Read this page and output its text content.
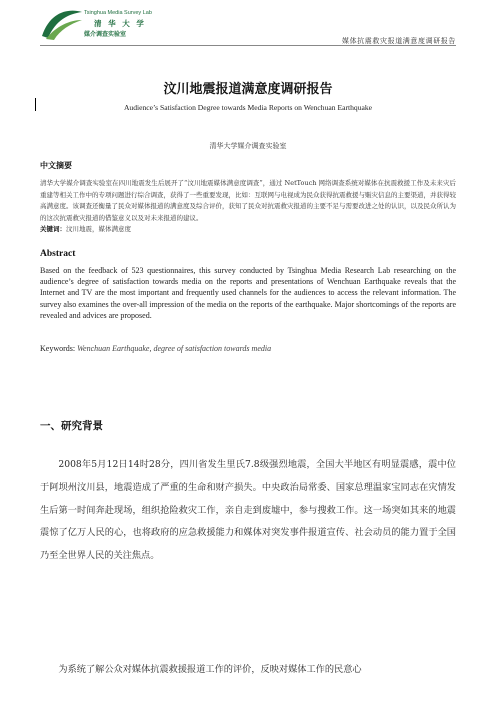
Tsinghua Media Survey Lab
清 华 大 学
媒介调查实验室
媒体抗震救灾报道满意度调研报告
汶川地震报道满意度调研报告
Audience’s Satisfaction Degree towards Media Reports on Wenchuan Earthquake
清华大学媒介调查实验室
中文摘要
清华大学媒介调查实验室在四川地震发生后展开了“汶川地震媒体满意度调查”，通过 NetTouch 网络调查系统对媒体在抗震救援工作及未来灾后重建等相关工作中的专项问题进行综合调查，获得了一些重要发现，比如：互联网与电视成为民众获得抗震救援与赈灾信息的主要渠道，并获得较高满意度。该调查还衡量了民众对媒体报道的满意度及综合评价，获知了民众对抗震救灾报道的主要不足与需要改进之处的认识，以及民众所认为的这次抗震救灾报道的借鉴意义以及对未来报道的建议。
关键词：汶川地震，媒体满意度
Abstract
Based on the feedback of 523 questionnaires, this survey conducted by Tsinghua Media Research Lab researching on the audience’s degree of satisfaction towards media on the reports and presentations of Wenchuan Earthquake reveals that the Internet and TV are the most important and frequently used channels for the audiences to access the relevant information. The survey also examines the over-all impression of the media on the reports of the earthquake. Major shortcomings of the reports are revealed and advices are proposed.
Keywords: Wenchuan Earthquake, degree of satisfaction towards media
一、研究背景
2008年5月12日14时28分，四川省发生里氏7.8级强烈地震，全国大半地区有明显震感，震中位于阿坝州汶川县，地震造成了严重的生命和财产损失。中央政治局常委、国家总理温家宝同志在灾情发生后第一时间奔赴现场，组织抢险救灾工作，亲自走到废墟中，参与搜救工作。这一场突如其来的地震震惊了亿万人民的心，也将政府的应急救援能力和媒体对突发事件报道宣传、社会动员的能力置于全国乃至全世界人民的关注焦点。
为系统了解公众对媒体抗震救援报道工作的评价，反映对媒体工作的民意心
